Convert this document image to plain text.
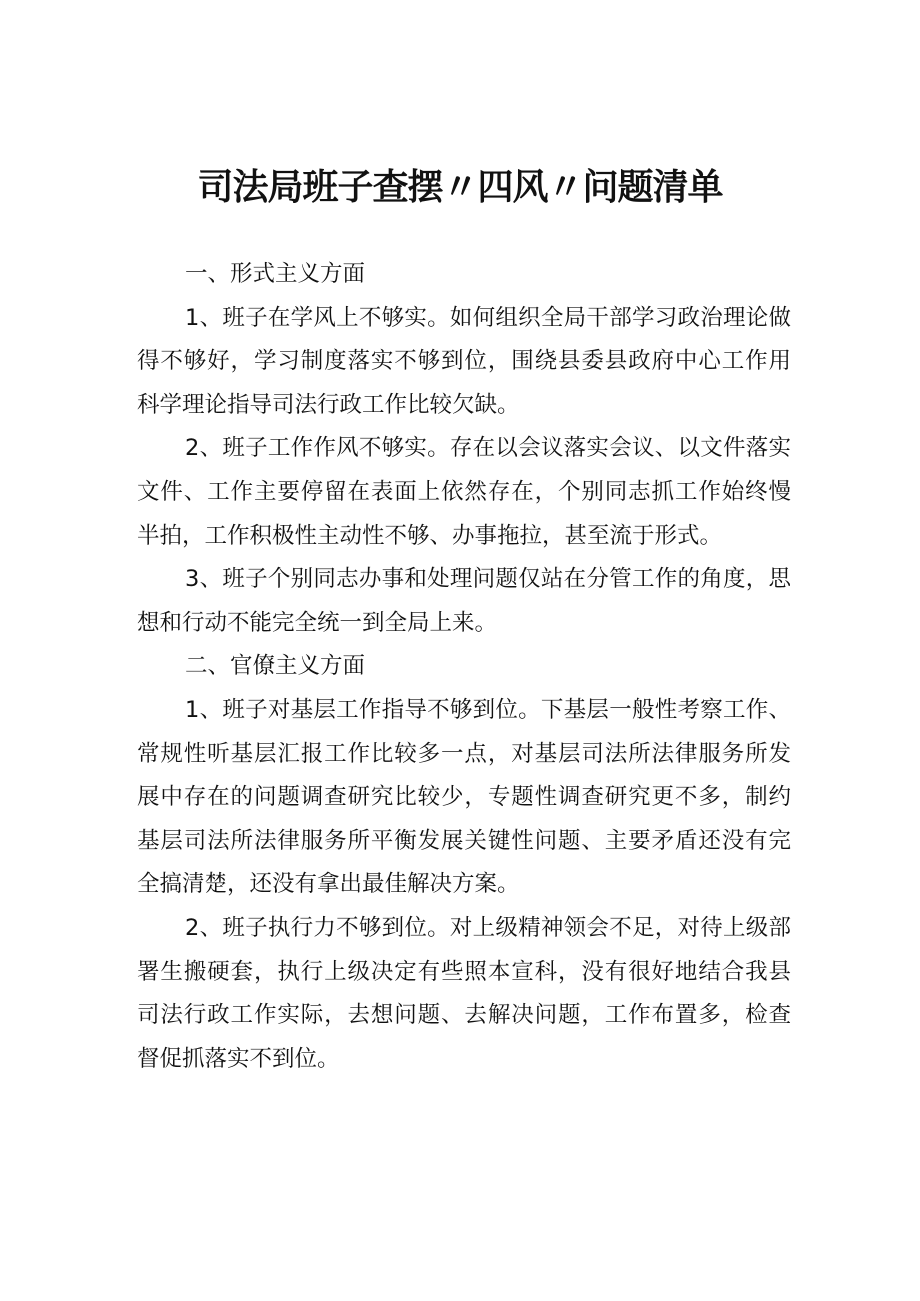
司法局班子查摆〃四风〃问题清单
一、形式主义方面
1、班子在学风上不够实。如何组织全局干部学习政治理论做
得不够好，学习制度落实不够到位，围绕县委县政府中心工作用
科学理论指导司法行政工作比较欠缺。
2、班子工作作风不够实。存在以会议落实会议、以文件落实
文件、工作主要停留在表面上依然存在，个别同志抓工作始终慢
半拍，工作积极性主动性不够、办事拖拉，甚至流于形式。
3、班子个别同志办事和处理问题仅站在分管工作的角度，思
想和行动不能完全统一到全局上来。
二、官僚主义方面
1、班子对基层工作指导不够到位。下基层一般性考察工作、
常规性听基层汇报工作比较多一点，对基层司法所法律服务所发
展中存在的问题调查研究比较少，专题性调查研究更不多，制约
基层司法所法律服务所平衡发展关键性问题、主要矛盾还没有完
全搞清楚，还没有拿出最佳解决方案。
2、班子执行力不够到位。对上级精神领会不足，对待上级部
署生搬硬套，执行上级决定有些照本宣科，没有很好地结合我县
司法行政工作实际，去想问题、去解决问题，工作布置多，检查
督促抓落实不到位。
